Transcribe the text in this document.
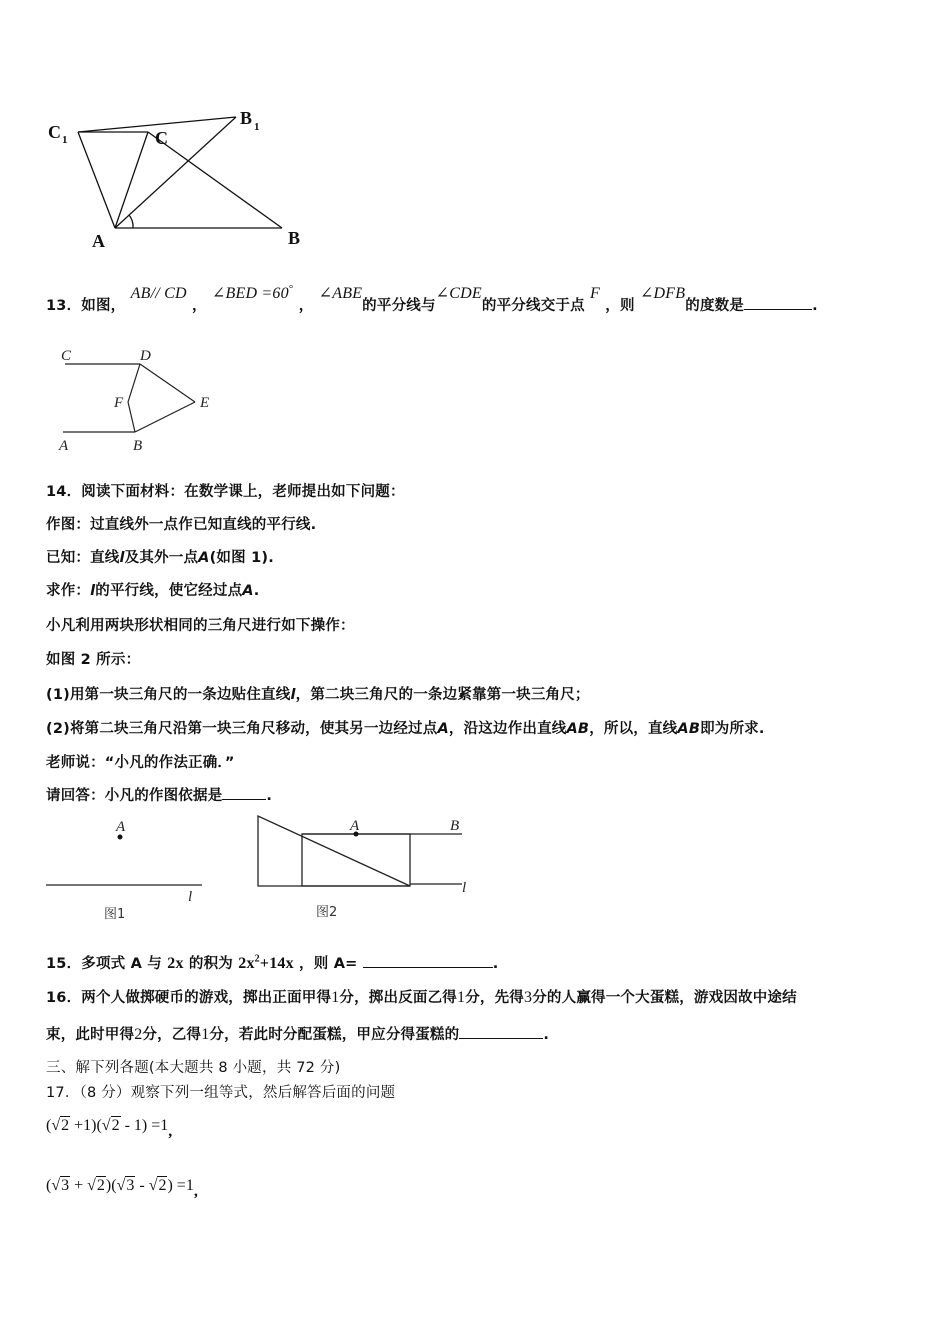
C 1	C
B 1
A	B
13．如图， AB// CD ， ∠BED =60° ， ∠ABE的平分线与∠CDE的平分线交于点 F ，则 ∠DFB的度数是	.
C	D
F	E
A	B
14．阅读下面材料：在数学课上，老师提出如下问题：
作图：过直线外一点作已知直线的平行线.
已知：直线l及其外一点A(如图 1).
求作：l的平行线，使它经过点A.
小凡利用两块形状相同的三角尺进行如下操作：
如图 2 所示：
(1)用第一块三角尺的一条边贴住直线l，第二块三角尺的一条边紧靠第一块三角尺；
(2)将第二块三角尺沿第一块三角尺移动，使其另一边经过点A，沿这边作出直线AB，所以，直线AB即为所求.
老师说：“小凡的作法正确．”
请回答：小凡的作图依据是	.
A
l
图1
A	B
l
图2
15．多项式 A 与 2x 的积为 $2x^2+14x$ ，则 A=	.
16．两个人做掷硬币的游戏，掷出正面甲得1分，掷出反面乙得1分，先得3分的人赢得一个大蛋糕，游戏因故中途结
束，此时甲得2分，乙得1分，若此时分配蛋糕，甲应分得蛋糕的	.
三、解下列各题(本大题共 8 小题，共 72 分)
17．（8 分）观察下列一组等式，然后解答后面的问题
(√2 +1)(√2 - 1) =1,
(√3 + √2)(√3 - √2) =1,
